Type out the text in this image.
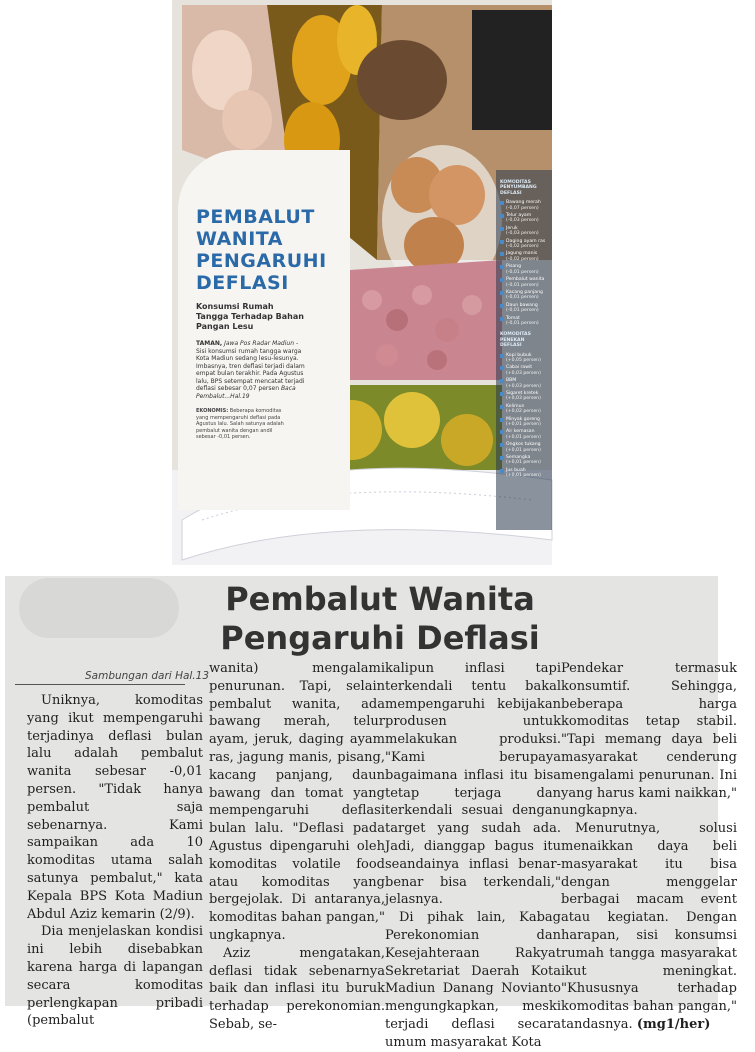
PEMBALUT WANITA PENGARUHI DEFLASI
Konsumsi Rumah Tangga Terhadap Bahan Pangan Lesu
TAMAN, Jawa Pos Radar Madiun - Sisi konsumsi rumah tangga warga Kota Madiun sedang lesu-lesunya. Imbasnya, tren deflasi terjadi dalam empat bulan terakhir. Pada Agustus lalu, BPS setempat mencatat terjadi deflasi sebesar 0,07 persen Baca Pembalut...Hal.19
EKONOMIS: Beberapa komoditas yang mempengaruhi deflasi pada Agustus lalu. Salah satunya adalah pembalut wanita dengan andil sebesar -0,01 persen.
KOMODITAS PENYUMBANG DEFLASI
Bawang merah
(-0,07 persen)
Telur ayam
(-0,03 persen)
Jeruk
(-0,03 persen)
Daging ayam ras
(-0,02 persen)
Jagung manis
(-0,02 persen)
Pisang
(-0,01 persen)
Pembalut wanita
(-0,01 persen)
Kacang panjang
(-0,01 persen)
Daun bawang
(-0,01 persen)
Tomat
(-0,01 persen)
KOMODITAS PENEKAN DEFLASI
Kopi bubuk
(+0,05 persen)
Cabai rawit
(+0,03 persen)
BBM
(+0,03 persen)
Sigaret kretek
(+0,03 persen)
Kelimun
(+0,02 persen)
Minyak goreng
(+0,01 persen)
Air kemasan
(+0,01 persen)
Ongkos tukang
(+0,01 persen)
Semangka
(+0,01 persen)
Jus buah
(+0,01 persen)
Pembalut Wanita
Pengaruhi Deflasi
Sambungan dari Hal.13

Uniknya, komoditas yang ikut mempengaruhi terjadinya deflasi bulan lalu adalah pembalut wanita sebesar -0,01 persen. "Tidak hanya pembalut saja sebenarnya. Kami sampaikan ada 10 komoditas utama salah satunya pembalut," kata Kepala BPS Kota Madiun Abdul Aziz kemarin (2/9).

Dia menjelaskan kondisi ini lebih disebabkan karena harga di lapangan secara komoditas perlengkapan pribadi (pembalut

wanita) mengalami penurunan. Tapi, selain pembalut wanita, ada bawang merah, telur ayam, jeruk, daging ayam ras, jagung manis, pisang, kacang panjang, daun bawang dan tomat yang mempengaruhi deflasi bulan lalu. "Deflasi pada Agustus dipengaruhi oleh komoditas volatile food atau komoditas yang bergejolak. Di antaranya, komoditas bahan pangan," ungkapnya.

Aziz mengatakan, deflasi tidak sebenarnya baik dan inflasi itu buruk terhadap perekonomian. Sebab, se-

kalipun inflasi tapi terkendali tentu bakal mempengaruhi kebijakan produsen untuk melakukan produksi. "Kami berupaya bagaimana inflasi itu bisa tetap terjaga dan terkendali sesuai dengan target yang sudah ada. Jadi, dianggap bagus itu seandainya inflasi benar-benar bisa terkendali," jelasnya.

Di pihak lain, Kabag Perekonomian dan Kesejahteraan Rakyat Sekretariat Daerah Kota Madiun Danang Novianto mengungkapkan, meski terjadi deflasi secara umum masyarakat Kota

Pendekar termasuk konsumtif. Sehingga, beberapa harga komoditas tetap stabil. "Tapi memang daya beli masyarakat cenderung mengalami penurunan. Ini yang harus kami naikkan," ungkapnya.

Menurutnya, solusi menaikkan daya beli masyarakat itu bisa dengan menggelar berbagai macam event atau kegiatan. Dengan harapan, sisi konsumsi rumah tangga masyarakat ikut meningkat. "Khususnya terhadap komoditas bahan pangan," tandasnya. (mg1/her)
